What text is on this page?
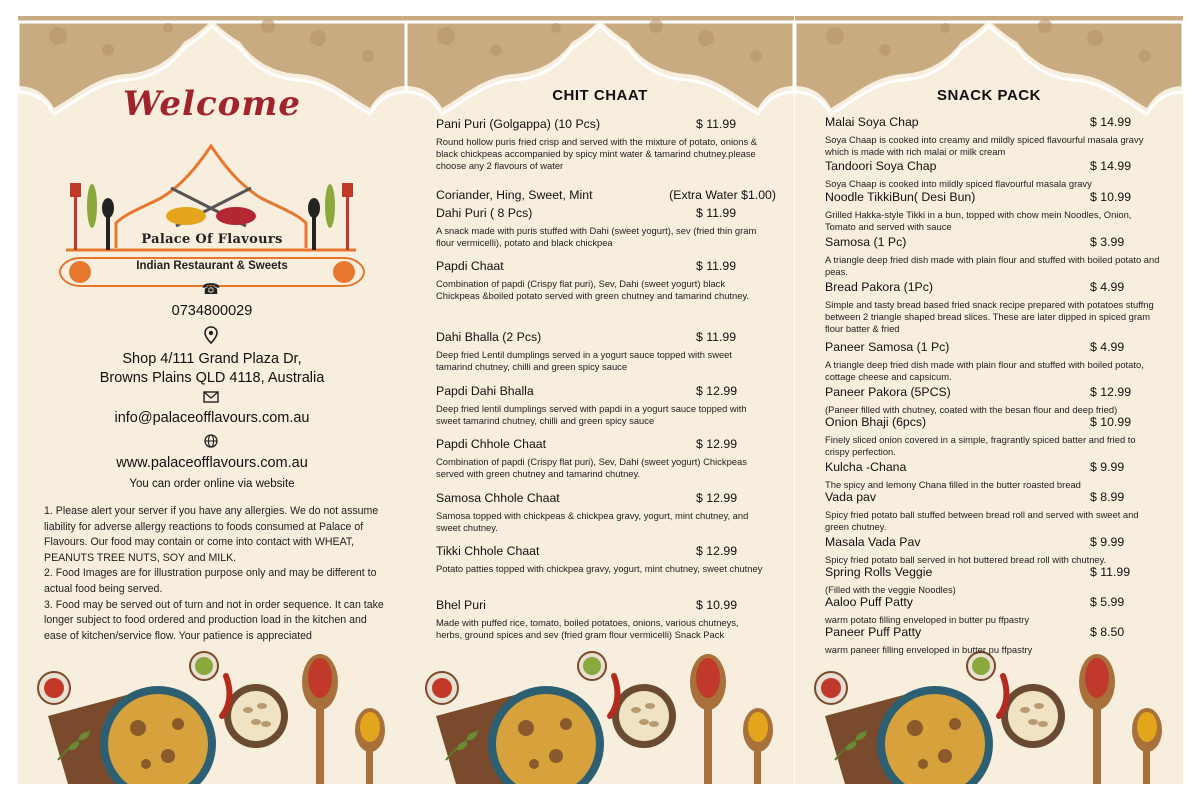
Welcome
Palace Of Flavours
Indian Restaurant & Sweets
☎
0734800029
Shop 4/111 Grand Plaza Dr,
Browns Plains QLD 4118, Australia
info@palaceofflavours.com.au
www.palaceofflavours.com.au
You can order online via website

1. Please alert your server if you have any allergies. We do not assume liability for adverse allergy reactions to foods consumed at Palace of Flavours. Our food may contain or come into contact with WHEAT, PEANUTS TREE NUTS, SOY and MILK.

2. Food Images are for illustration purpose only and may be different to actual food being served.

3. Food may be served out of turn and not in order sequence. It can take longer subject to food ordered and production load in the kitchen and ease of kitchen/service flow. Your patience is appreciated

CHIT CHAAT
Pani Puri (Golgappa) (10 Pcs)	$ 11.99
Round hollow puris fried crisp and served with the mixture of potato, onions & black chickpeas accompanied by spicy mint water & tamarind chutney.please choose any 2 flavours of water
Coriander, Hing, Sweet, Mint	(Extra Water $1.00)
Dahi Puri ( 8 Pcs)	$ 11.99
A snack made with puris stuffed with Dahi (sweet yogurt), sev (fried thin gram flour vermicelli), potato and black chickpea
Papdi Chaat	$ 11.99
Combination of papdi (Crispy flat puri), Sev, Dahi (sweet yogurt) black Chickpeas &boiled potato served with green chutney and tamarind chutney.
Dahi Bhalla (2 Pcs)	$ 11.99
Deep fried Lentil dumplings served in a yogurt sauce topped with sweet tamarind chutney, chilli and green spicy sauce
Papdi Dahi Bhalla	$ 12.99
Deep fried lentil dumplings served with papdi in a yogurt sauce topped with sweet tamarind chutney, chilli and green spicy sauce
Papdi Chhole Chaat	$ 12.99
Combination of papdi (Crispy flat puri), Sev, Dahi (sweet yogurt) Chickpeas served with green chutney and tamarind chutney.
Samosa Chhole Chaat	$ 12.99
Samosa topped with chickpeas & chickpea gravy, yogurt, mint chutney, and sweet chutney.
Tikki Chhole Chaat	$ 12.99
Potato patties topped with chickpea gravy, yogurt, mint chutney, sweet chutney
Bhel Puri	$ 10.99
Made with puffed rice, tomato, boiled potatoes, onions, various chutneys, herbs, ground spices and sev (fried gram flour vermicelli) Snack Pack
SNACK PACK
Malai Soya Chap	$ 14.99
Soya Chaap is cooked into creamy and mildly spiced flavourful masala gravy which is made with rich malai or milk cream
Tandoori Soya Chap	$ 14.99
Soya Chaap is cooked into mildly spiced flavourful masala gravy
Noodle TikkiBun( Desi Bun)	$ 10.99
Grilled Hakka-style Tikki in a bun, topped with chow mein Noodles, Onion, Tomato and served with sauce
Samosa (1 Pc)	$ 3.99
A triangle deep fried dish made with plain flour and stuffed with boiled potato and peas.
Bread Pakora (1Pc)	$ 4.99
Simple and tasty bread based fried snack recipe prepared with potatoes stuffng between 2 triangle shaped bread slices. These are later dipped in spiced gram flour batter & fried
Paneer Samosa (1 Pc)	$ 4.99
A triangle deep fried dish made with plain flour and stuffed with boiled potato, cottage cheese and capsicum.
Paneer Pakora (5PCS)	$ 12.99
(Paneer filled with chutney, coated with the besan flour and deep fried)
Onion Bhaji (6pcs)	$ 10.99
Finely sliced onion covered in a simple, fragrantly spiced batter and fried to crispy perfection.
Kulcha -Chana	$ 9.99
The spicy and lemony Chana filled in the butter roasted bread
Vada pav	$ 8.99
Spicy fried potato ball stuffed between bread roll and served with sweet and green chutney.
Masala Vada Pav	$ 9.99
Spicy fried potato ball served in hot buttered bread roll with chutney.
Spring Rolls Veggie	$ 11.99
(Filled with the veggie Noodles)
Aaloo Puff Patty	$ 5.99
warm potato filling enveloped in butter pu ffpastry
Paneer Puff Patty	$ 8.50
warm paneer filling enveloped in butter pu ffpastry
